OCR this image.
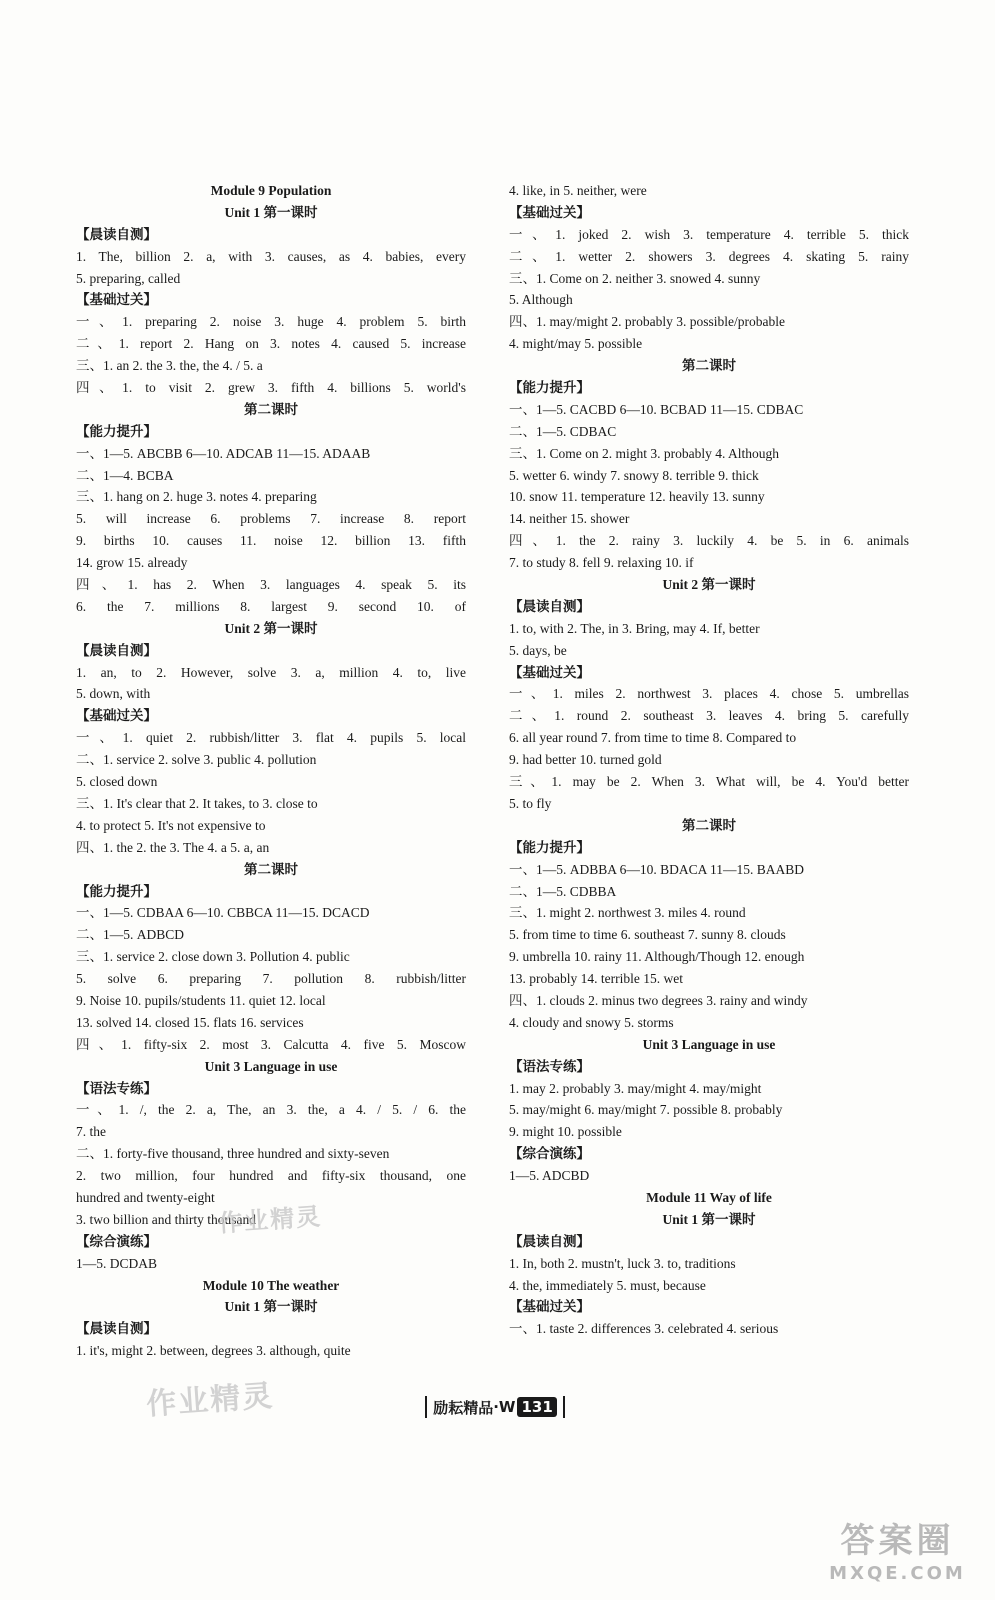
Module 9 Population
Unit 1 第一课时
【晨读自测】
1. The, billion 2. a, with 3. causes, as 4. babies, every
5. preparing, called
【基础过关】
一、1. preparing 2. noise 3. huge 4. problem 5. birth
二、1. report 2. Hang on 3. notes 4. caused 5. increase
三、1. an 2. the 3. the, the 4. / 5. a
四、1. to visit 2. grew 3. fifth 4. billions 5. world's
第二课时
【能力提升】
一、1—5. ABCBB 6—10. ADCAB 11—15. ADAAB
二、1—4. BCBA
三、1. hang on 2. huge 3. notes 4. preparing
5. will increase 6. problems 7. increase 8. report
9. births 10. causes 11. noise 12. billion 13. fifth
14. grow 15. already
四、1. has 2. When 3. languages 4. speak 5. its
6. the 7. millions 8. largest 9. second 10. of
Unit 2 第一课时
【晨读自测】
1. an, to 2. However, solve 3. a, million 4. to, live
5. down, with
【基础过关】
一、1. quiet 2. rubbish/litter 3. flat 4. pupils 5. local
二、1. service 2. solve 3. public 4. pollution
5. closed down
三、1. It's clear that 2. It takes, to 3. close to
4. to protect 5. It's not expensive to
四、1. the 2. the 3. The 4. a 5. a, an
第二课时
【能力提升】
一、1—5. CDBAA 6—10. CBBCA 11—15. DCACD
二、1—5. ADBCD
三、1. service 2. close down 3. Pollution 4. public
5. solve 6. preparing 7. pollution 8. rubbish/litter
9. Noise 10. pupils/students 11. quiet 12. local
13. solved 14. closed 15. flats 16. services
四、1. fifty-six 2. most 3. Calcutta 4. five 5. Moscow
Unit 3 Language in use
【语法专练】
一、1. /, the 2. a, The, an 3. the, a 4. / 5. / 6. the
7. the
二、1. forty-five thousand, three hundred and sixty-seven
2. two million, four hundred and fifty-six thousand, one
hundred and twenty-eight
3. two billion and thirty thousand
【综合演练】
1—5. DCDAB
Module 10 The weather
Unit 1 第一课时
【晨读自测】
1. it's, might 2. between, degrees 3. although, quite
4. like, in 5. neither, were
【基础过关】
一、1. joked 2. wish 3. temperature 4. terrible 5. thick
二、1. wetter 2. showers 3. degrees 4. skating 5. rainy
三、1. Come on 2. neither 3. snowed 4. sunny
5. Although
四、1. may/might 2. probably 3. possible/probable
4. might/may 5. possible
第二课时
【能力提升】
一、1—5. CACBD 6—10. BCBAD 11—15. CDBAC
二、1—5. CDBAC
三、1. Come on 2. might 3. probably 4. Although
5. wetter 6. windy 7. snowy 8. terrible 9. thick
10. snow 11. temperature 12. heavily 13. sunny
14. neither 15. shower
四、1. the 2. rainy 3. luckily 4. be 5. in 6. animals
7. to study 8. fell 9. relaxing 10. if
Unit 2 第一课时
【晨读自测】
1. to, with 2. The, in 3. Bring, may 4. If, better
5. days, be
【基础过关】
一、1. miles 2. northwest 3. places 4. chose 5. umbrellas
二、1. round 2. southeast 3. leaves 4. bring 5. carefully
6. all year round 7. from time to time 8. Compared to
9. had better 10. turned gold
三、1. may be 2. When 3. What will, be 4. You'd better
5. to fly
第二课时
【能力提升】
一、1—5. ADBBA 6—10. BDACA 11—15. BAABD
二、1—5. CDBBA
三、1. might 2. northwest 3. miles 4. round
5. from time to time 6. southeast 7. sunny 8. clouds
9. umbrella 10. rainy 11. Although/Though 12. enough
13. probably 14. terrible 15. wet
四、1. clouds 2. minus two degrees 3. rainy and windy
4. cloudy and snowy 5. storms
Unit 3 Language in use
【语法专练】
1. may 2. probably 3. may/might 4. may/might
5. may/might 6. may/might 7. possible 8. probably
9. might 10. possible
【综合演练】
1—5. ADCBD
Module 11 Way of life
Unit 1 第一课时
【晨读自测】
1. In, both 2. mustn't, luck 3. to, traditions
4. the, immediately 5. must, because
【基础过关】
一、1. taste 2. differences 3. celebrated 4. serious
励耘精品 · W 131
作业精灵
作业精灵
答案圈
MXQE.COM
